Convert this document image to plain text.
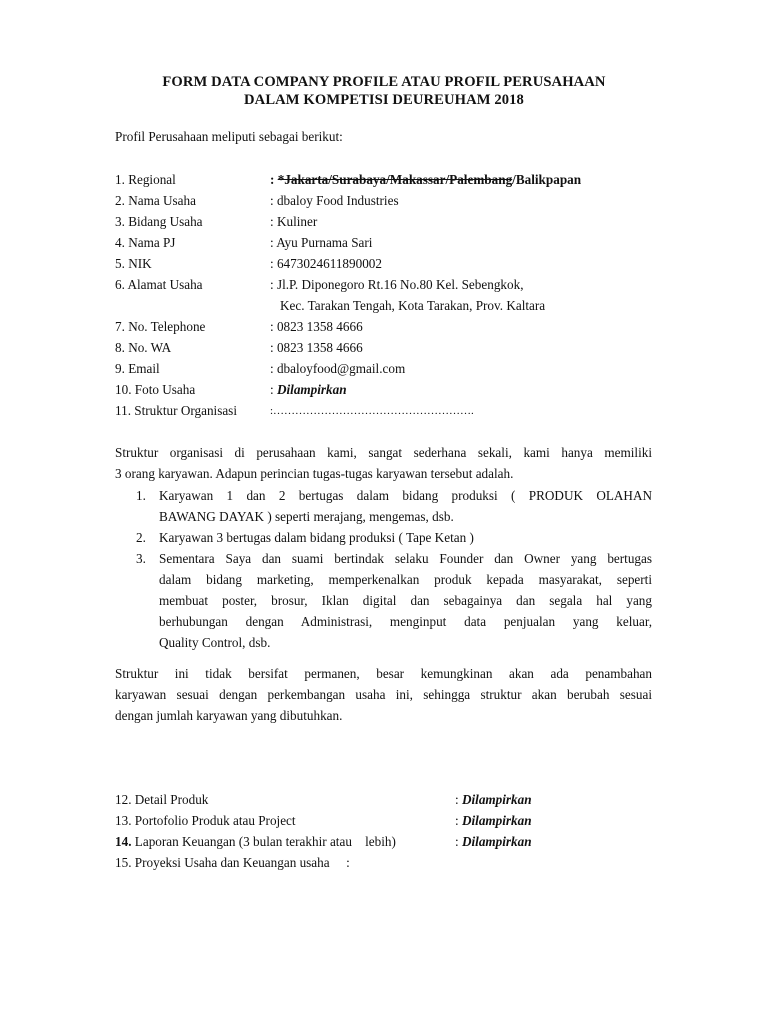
FORM DATA COMPANY PROFILE ATAU PROFIL PERUSAHAAN
DALAM KOMPETISI DEUREUHAM 2018
Profil Perusahaan meliputi sebagai berikut:
1. Regional	: *Jakarta/Surabaya/Makassar/Palembang/Balikpapan
2. Nama Usaha	: dbaloy Food Industries
3. Bidang Usaha	: Kuliner
4. Nama PJ	: Ayu Purnama Sari
5. NIK	: 6473024611890002
6. Alamat Usaha	: Jl.P. Diponegoro Rt.16 No.80 Kel. Sebengkok,
Kec. Tarakan Tengah, Kota Tarakan, Prov. Kaltara
7. No. Telephone	: 0823 1358 4666
8. No. WA	: 0823 1358 4666
9. Email	: dbaloyfood@gmail.com
10. Foto Usaha	: Dilampirkan
11. Struktur Organisasi	:……………………………………………….
Struktur organisasi di perusahaan kami, sangat sederhana sekali, kami hanya memiliki
3 orang karyawan. Adapun perincian tugas-tugas karyawan tersebut adalah.
1. Karyawan 1 dan 2 bertugas dalam bidang produksi ( PRODUK OLAHAN
BAWANG DAYAK ) seperti merajang, mengemas, dsb.
2. Karyawan 3 bertugas dalam bidang produksi ( Tape Ketan )
3. Sementara Saya dan suami bertindak selaku Founder dan Owner yang bertugas
dalam bidang marketing, memperkenalkan produk kepada masyarakat, seperti
membuat poster, brosur, Iklan digital dan sebagainya dan segala hal yang
berhubungan dengan Administrasi, menginput data penjualan yang keluar,
Quality Control, dsb.
Struktur ini tidak bersifat permanen, besar kemungkinan akan ada penambahan
karyawan sesuai dengan perkembangan usaha ini, sehingga struktur akan berubah sesuai
dengan jumlah karyawan yang dibutuhkan.
12. Detail Produk	: Dilampirkan
13. Portofolio Produk atau Project	: Dilampirkan
14. Laporan Keuangan (3 bulan terakhir atau    lebih)	: Dilampirkan
15. Proyeksi Usaha dan Keuangan usaha     :
